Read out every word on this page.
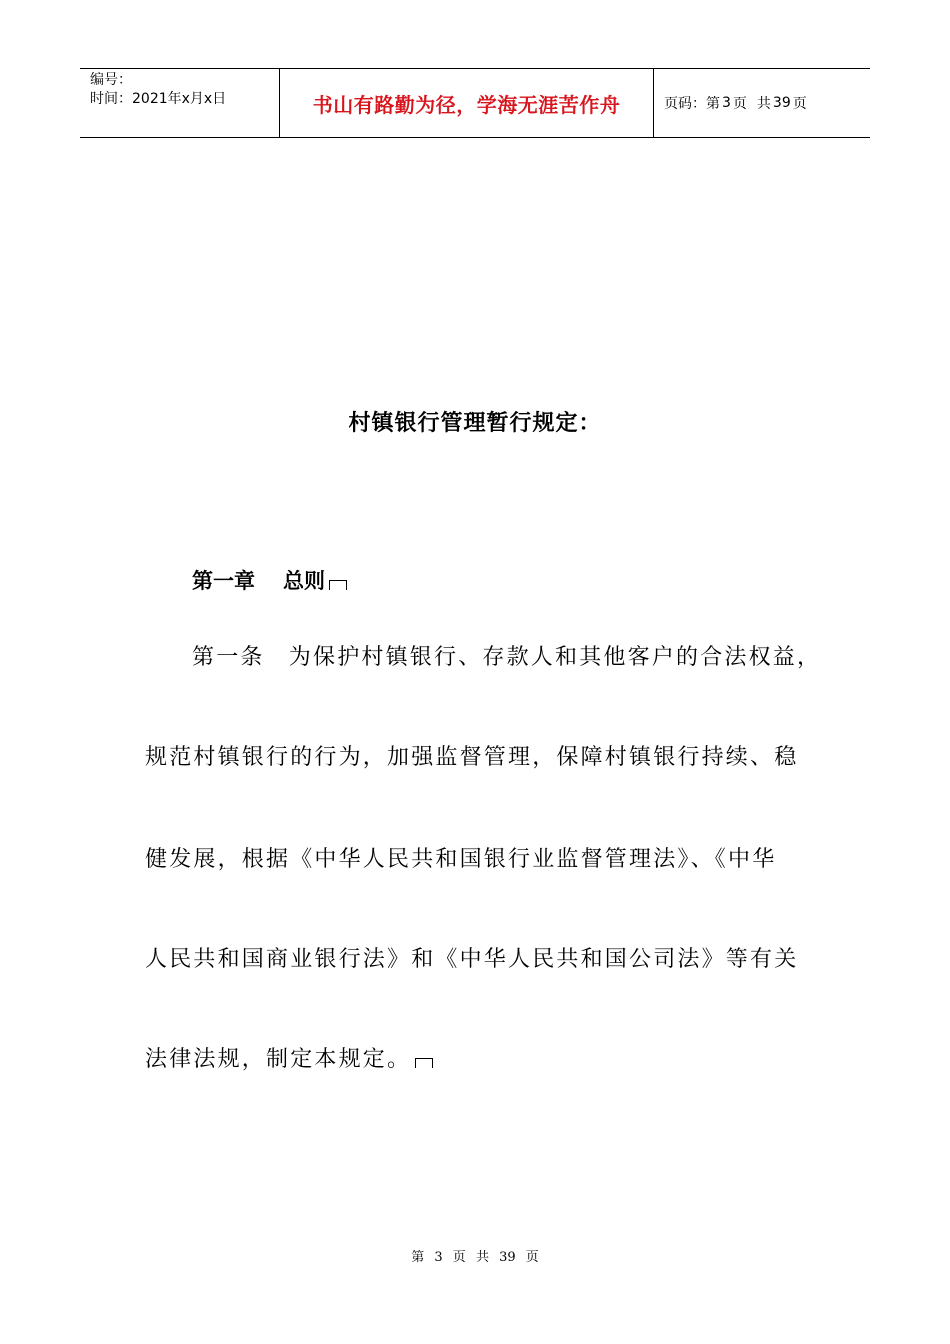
编号：
时间：2021年x月x日	书山有路勤为径，学海无涯苦作舟	页码：第 3 页 共 39 页
村镇银行管理暂行规定：
第一章 总则
第一条　为保护村镇银行、存款人和其他客户的合法权益，
规范村镇银行的行为，加强监督管理，保障村镇银行持续、稳
健发展，根据《中华人民共和国银行业监督管理法》、《中华
人民共和国商业银行法》和《中华人民共和国公司法》等有关
法律法规，制定本规定。
第 3 页 共 39 页
